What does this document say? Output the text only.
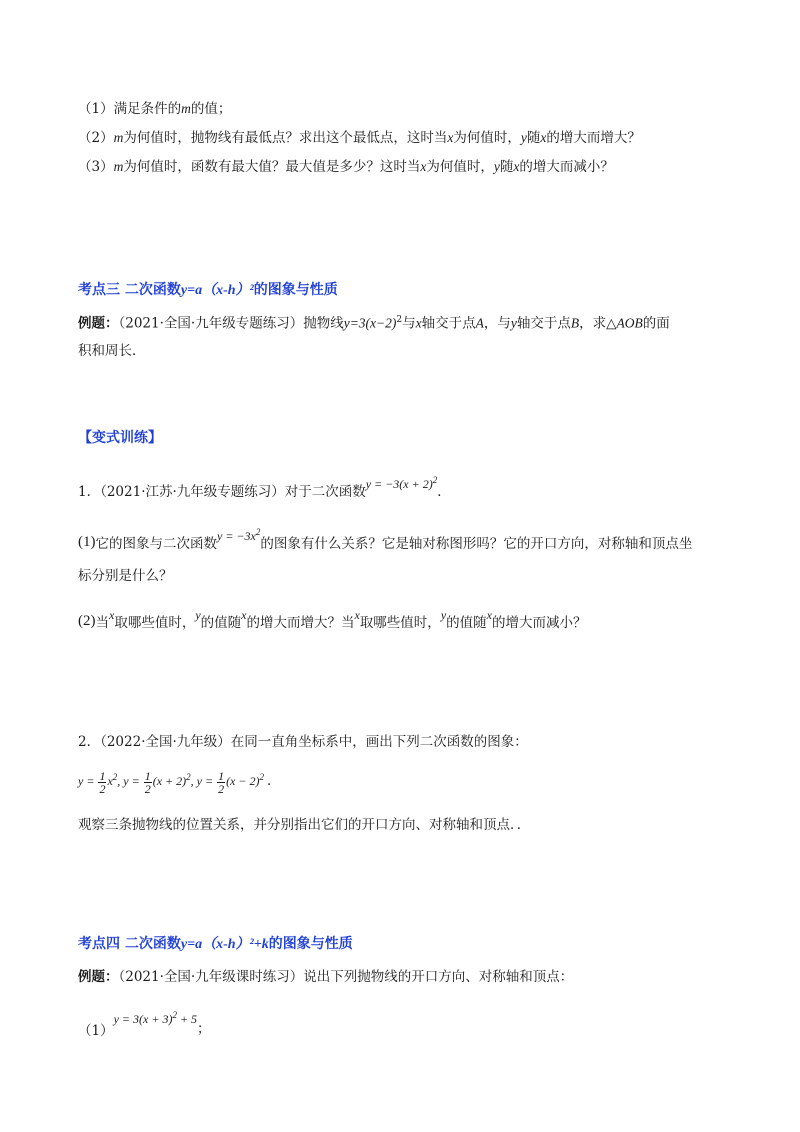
（1）满足条件的m的值；
（2）m为何值时，抛物线有最低点？求出这个最低点，这时当x为何值时，y随x的增大而增大？
（3）m为何值时，函数有最大值？最大值是多少？这时当x为何值时，y随x的增大而减小？
考点三 二次函数y=a（x-h）²的图象与性质
例题：（2021·全国·九年级专题练习）抛物线$y=3(x-2)^2$与x轴交于点A，与y轴交于点B，求△AOB的面
积和周长．
【变式训练】
1．（2021·江苏·九年级专题练习）对于二次函数$y = -3(x + 2)^2$．
(1)它的图象与二次函数$y = -3x^2$的图象有什么关系？它是轴对称图形吗？它的开口方向，对称轴和顶点坐
标分别是什么？
(2)当x取哪些值时，y的值随x的增大而增大？当x取哪些值时，y的值随x的增大而减小？
2．（2022·全国·九年级）在同一直角坐标系中，画出下列二次函数的图象：
$y = \frac{1}{2} x^2$, $y = \frac{1}{2} (x + 2)^2$, $y = \frac{1}{2} (x - 2)^2$ ．
观察三条抛物线的位置关系，并分别指出它们的开口方向、对称轴和顶点．．
考点四 二次函数y=a（x-h）²+k的图象与性质
例题：（2021·全国·九年级课时练习）说出下列抛物线的开口方向、对称轴和顶点：
$(1)y = 3(x + 3)^2 + 5$；
